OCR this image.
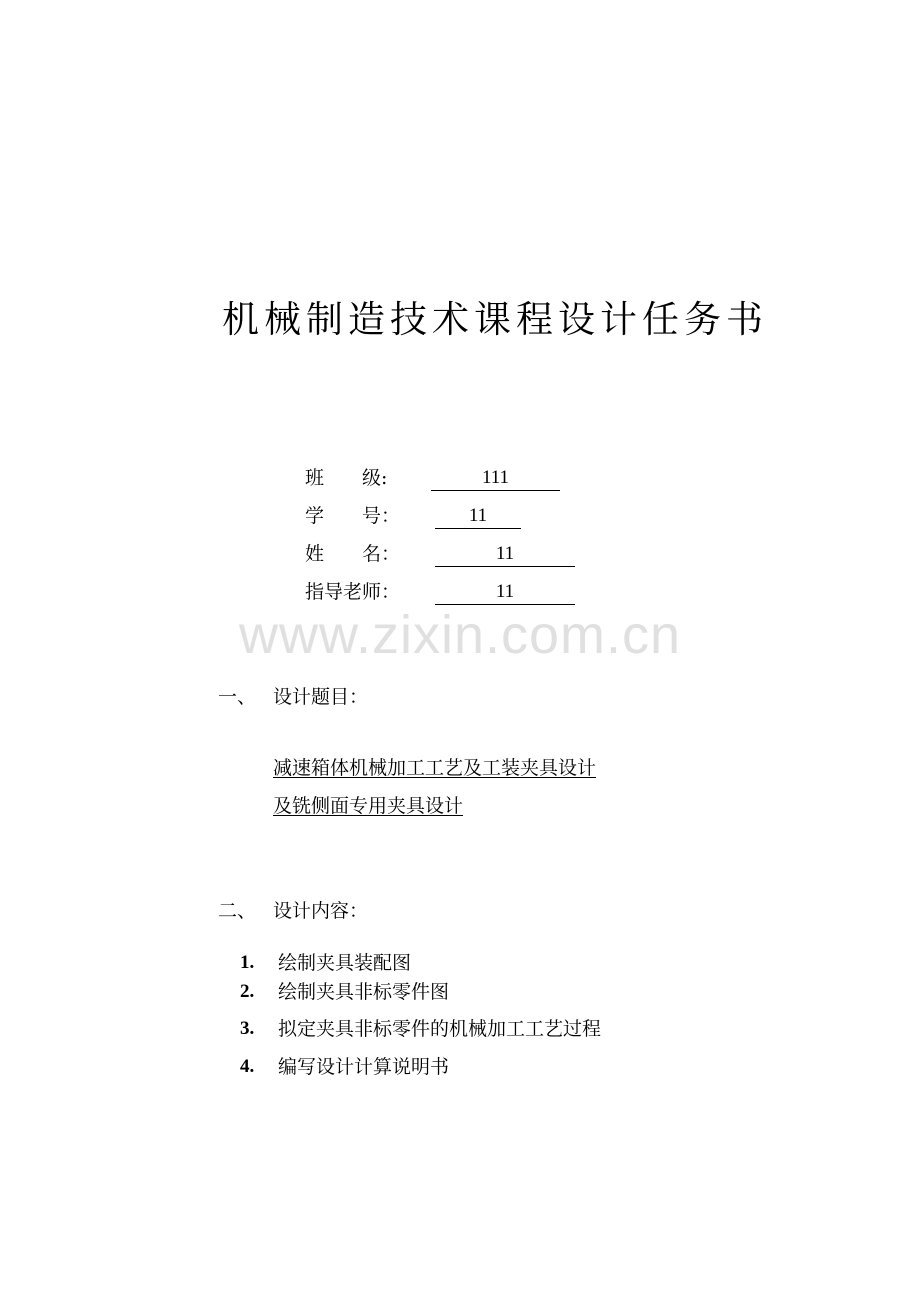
机械制造技术课程设计任务书
班　　级:	111
学　　号：	11
姓　　名：	11
指导老师：	11
www.zixin.com.cn
一、 设计题目：
减速箱体机械加工工艺及工装夹具设计
及铣侧面专用夹具设计
二、 设计内容：
1. 绘制夹具装配图
2. 绘制夹具非标零件图
3. 拟定夹具非标零件的机械加工工艺过程
4. 编写设计计算说明书
